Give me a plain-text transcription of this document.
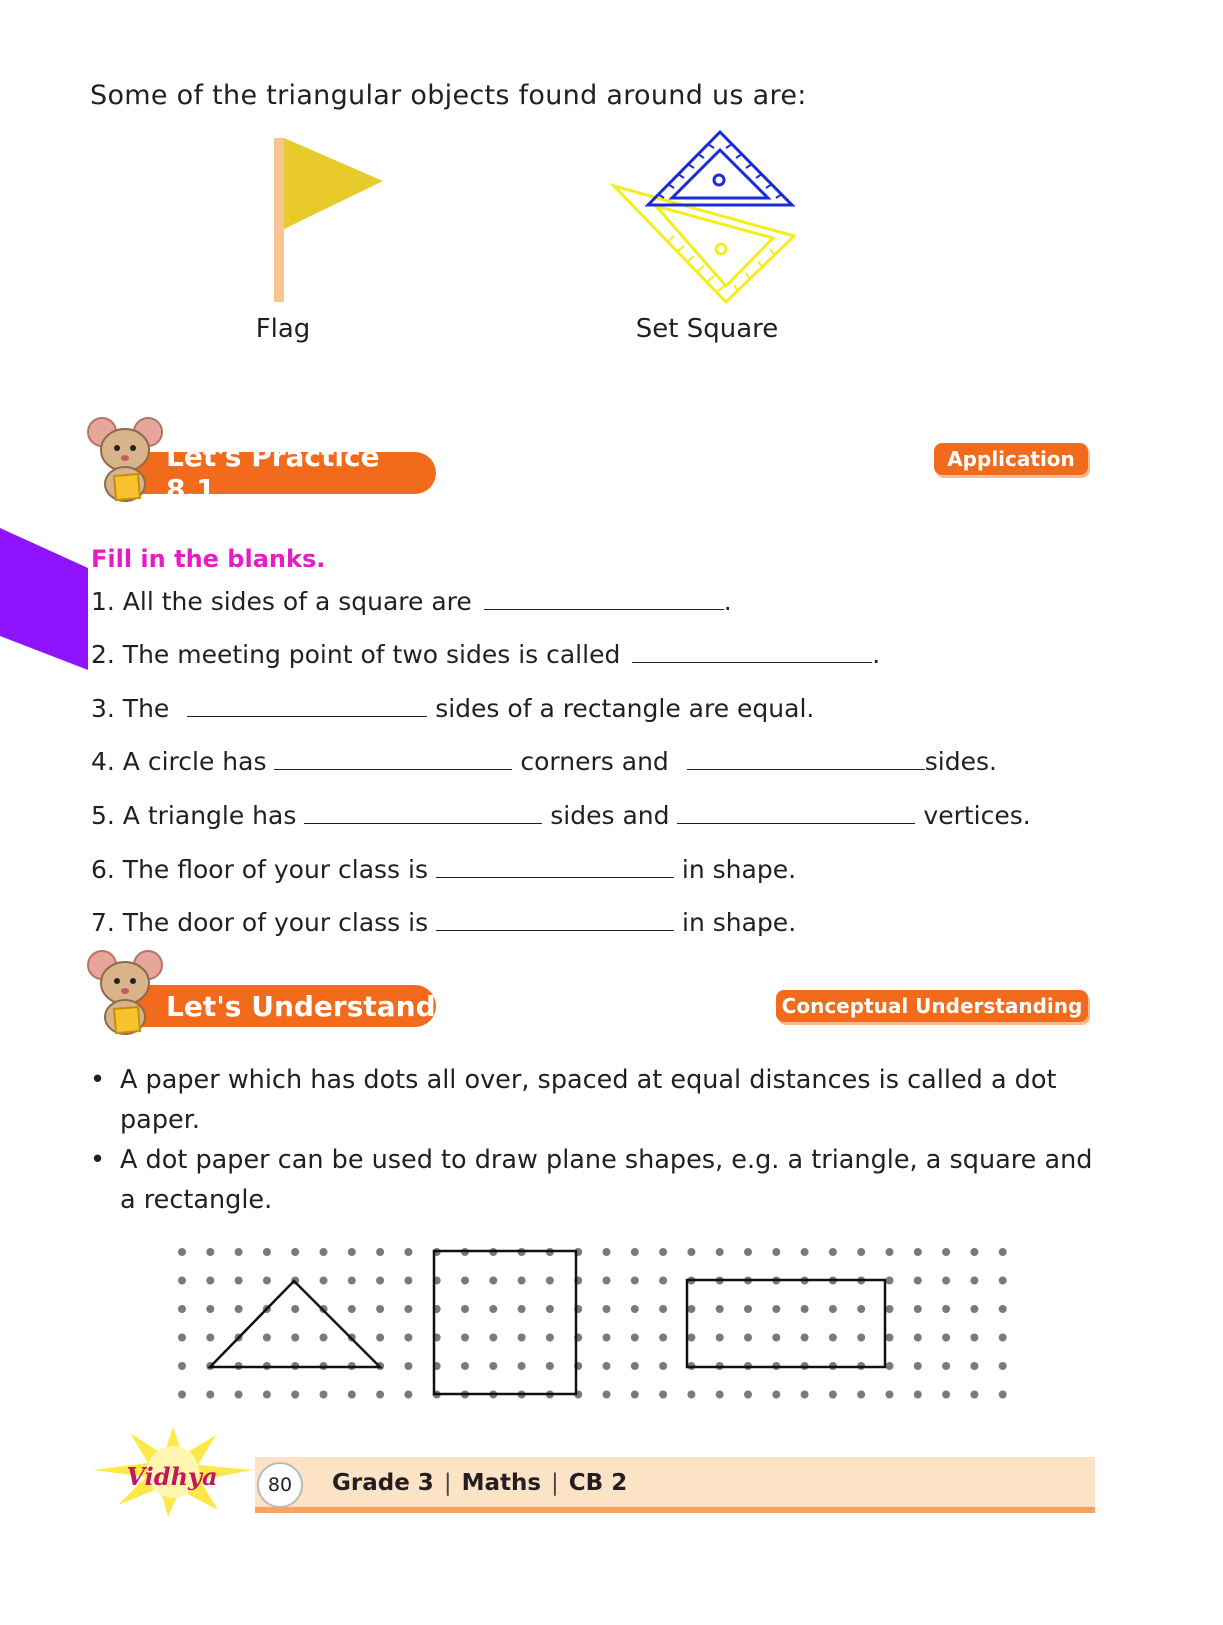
Some of the triangular objects found around us are:
Flag	Set Square
Let's Practice 8.1
Application
Fill in the blanks.
1. All the sides of a square are	.
2. The meeting point of two sides is called	.
3. The	sides of a rectangle are equal.
4. A circle has	corners and	sides.
5. A triangle has	sides and	vertices.
6. The floor of your class is	in shape.
7. The door of your class is	in shape.
Let's Understand	Conceptual Understanding
• A paper which has dots all over, spaced at equal distances is called a dot paper.
• A dot paper can be used to draw plane shapes, e.g. a triangle, a square and a rectangle.
Vidhya	80	Grade 3 | Maths | CB 2
